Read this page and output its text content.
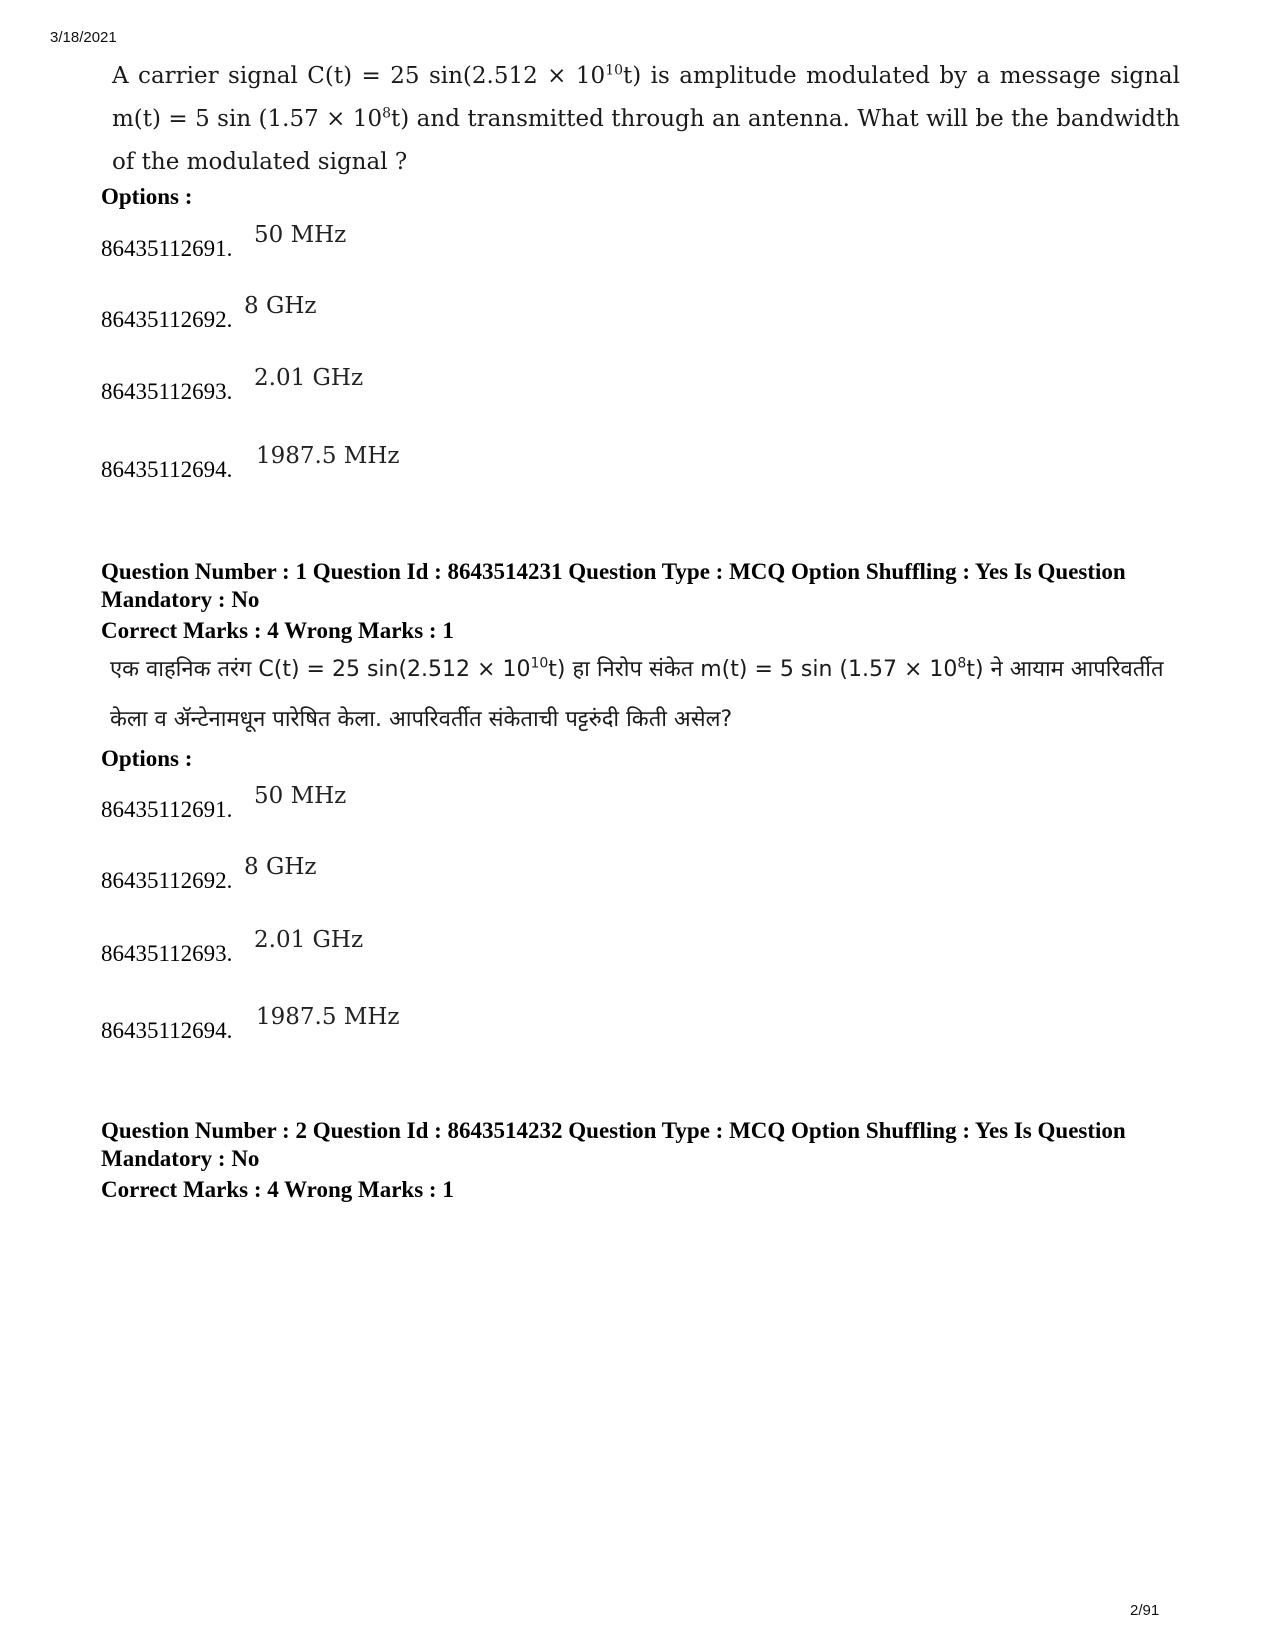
3/18/2021
A carrier signal C(t) = 25 $\sin(2.512 \times 10^{10}t)$ is amplitude modulated by a message signal m(t) = 5 $\sin (1.57 \times 10^8t)$ and transmitted through an antenna. What will be the bandwidth of the modulated signal ?
Options :
86435112691.
50 MHz
86435112692.
8 GHz
86435112693.
2.01 GHz
86435112694.
1987.5 MHz
Question Number : 1 Question Id : 8643514231 Question Type : MCQ Option Shuffling : Yes Is Question Mandatory : No
Correct Marks : 4 Wrong Marks : 1
एक वाहनिक तरंग C(t) = 25 $\sin(2.512 \times 10^{10}t)$ हा निरोप संकेत m(t) = 5 $\sin (1.57 \times 10^8t)$ ने आयाम आपरिवर्तीत केला व ॲन्टेनामधून पारेषित केला. आपरिवर्तीत संकेताची पट्टरुंदी किती असेल?
Options :
86435112691.
50 MHz
86435112692.
8 GHz
86435112693.
2.01 GHz
86435112694.
1987.5 MHz
Question Number : 2 Question Id : 8643514232 Question Type : MCQ Option Shuffling : Yes Is Question Mandatory : No
Correct Marks : 4 Wrong Marks : 1
2/91
